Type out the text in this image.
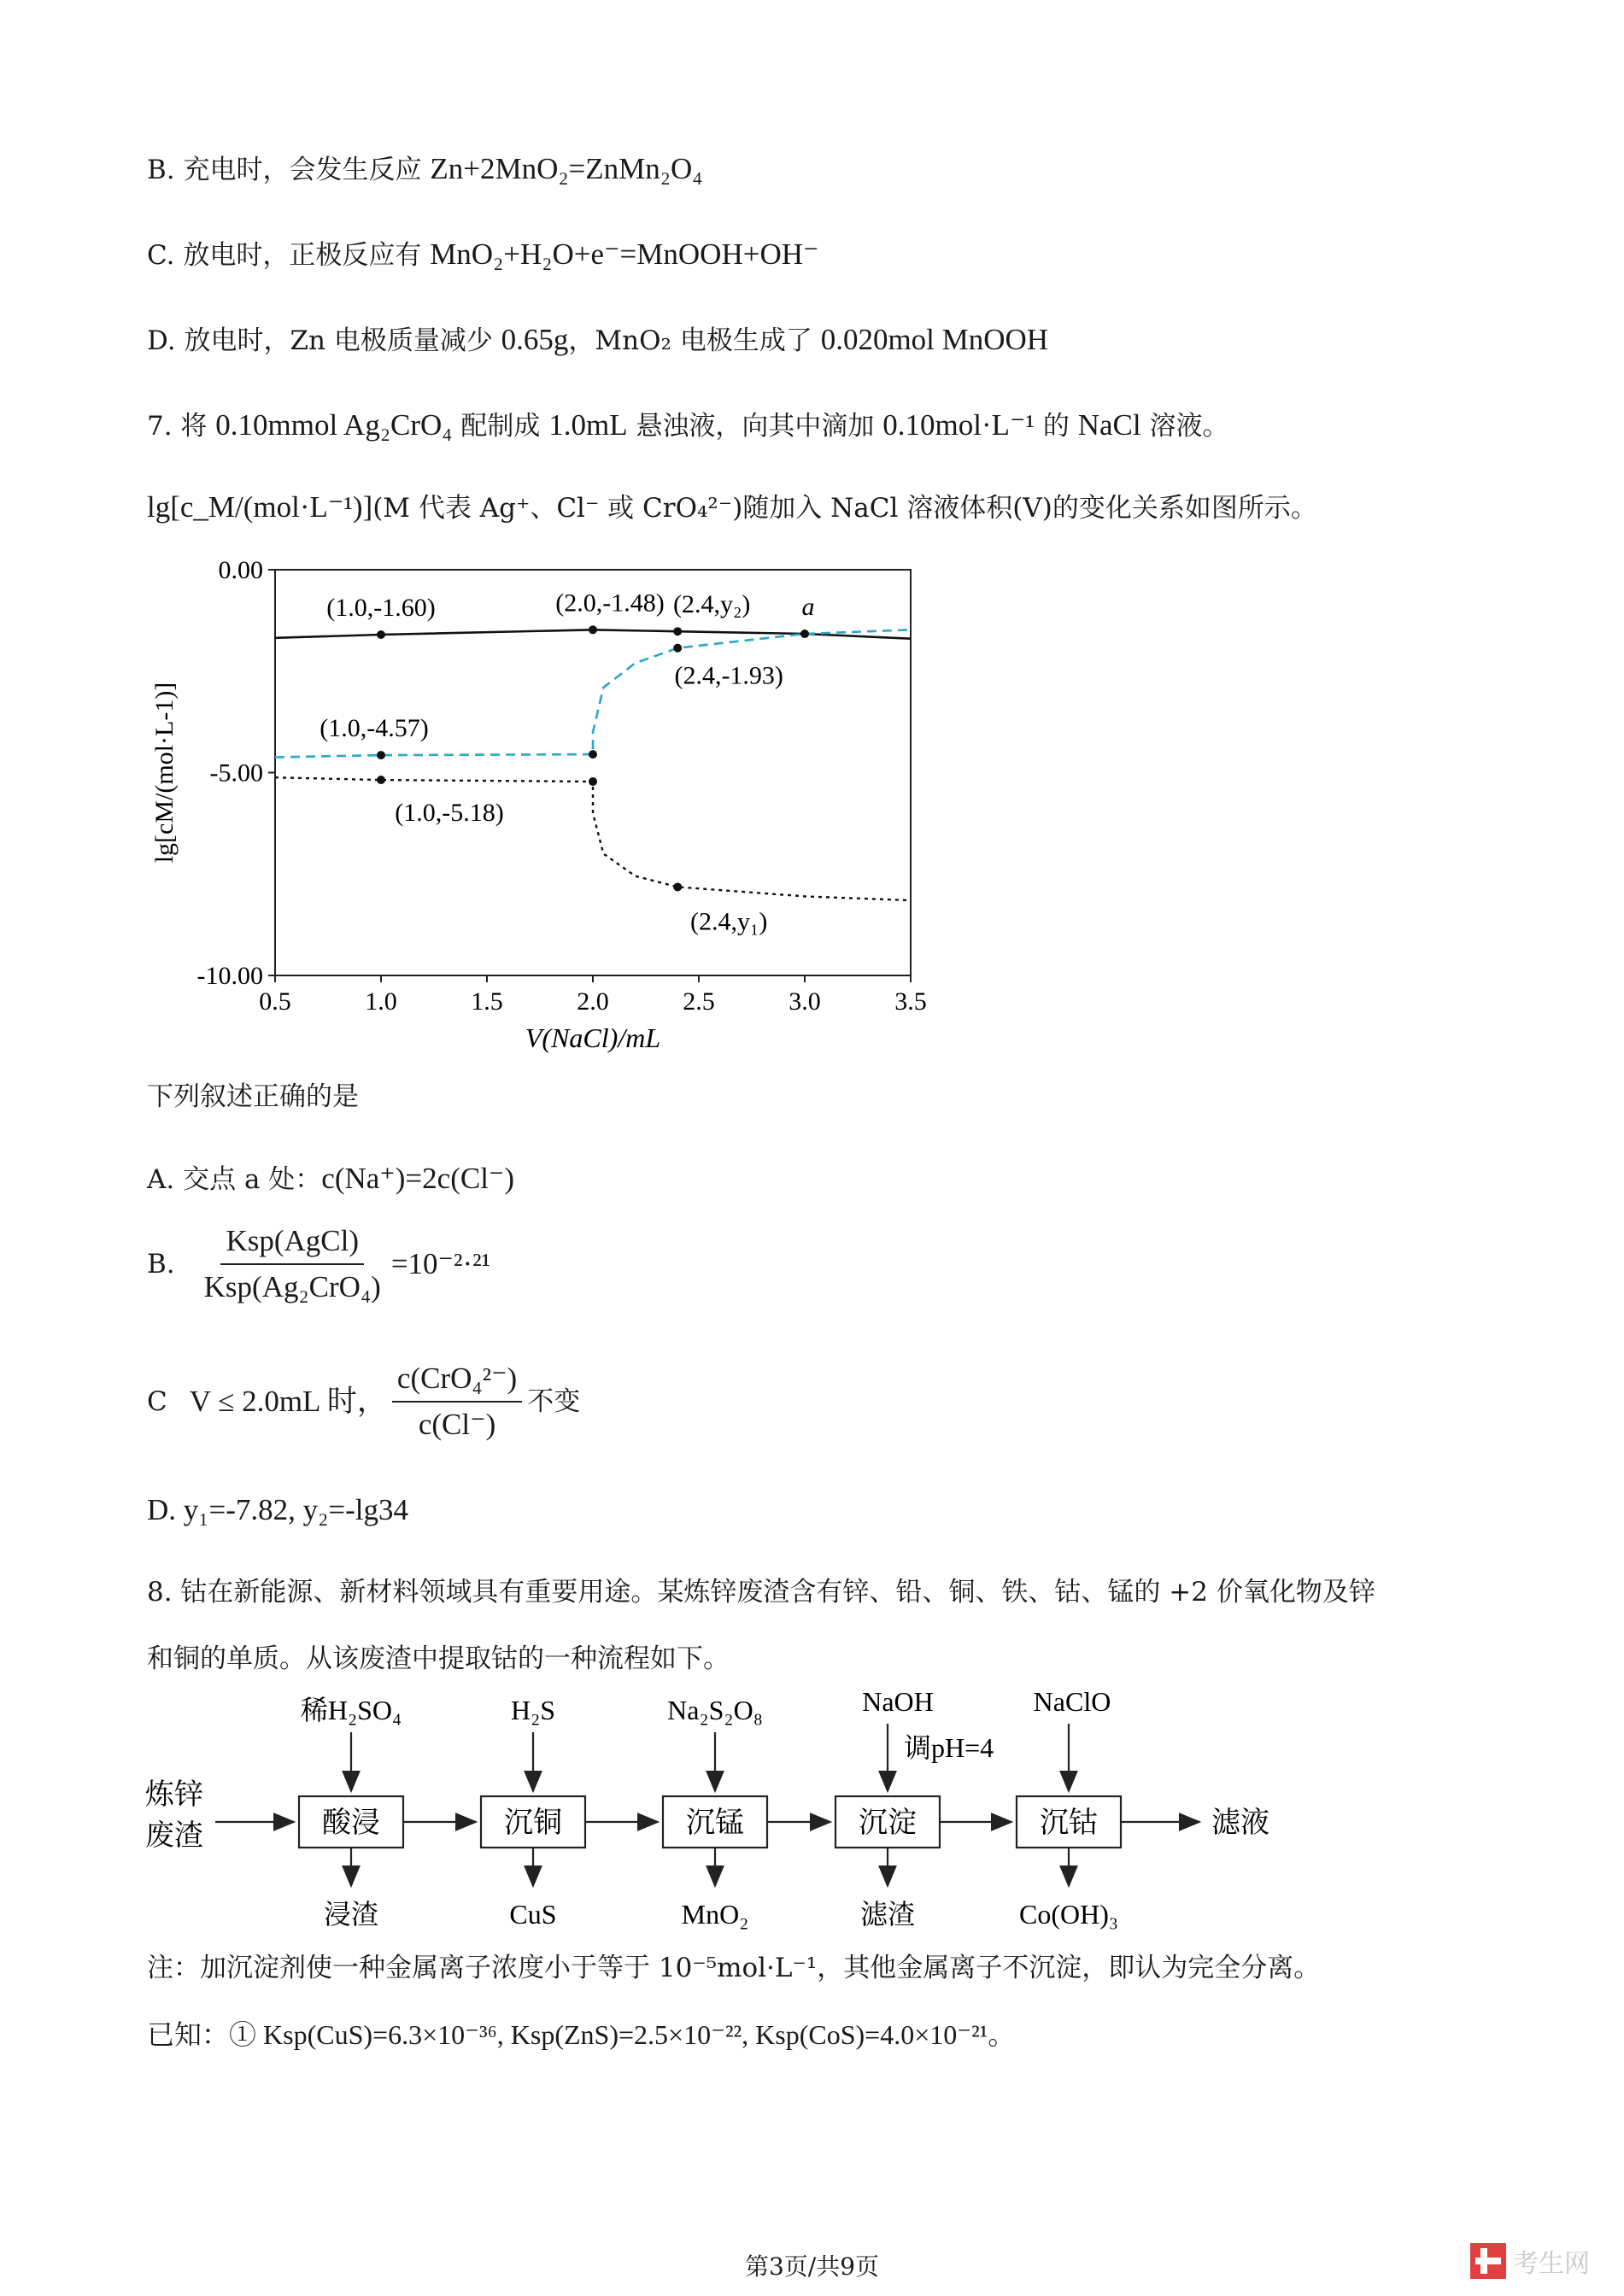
B. 充电时，会发生反应 Zn+2MnO₂=ZnMn₂O₄
C. 放电时，正极反应有 MnO₂+H₂O+e⁻=MnOOH+OH⁻
D. 放电时，Zn 电极质量减少 0.65g，MnO₂ 电极生成了 0.020mol MnOOH
7. 将 0.10mmol Ag₂CrO₄ 配制成 1.0mL 悬浊液，向其中滴加 0.10mol·L⁻¹ 的 NaCl 溶液。
lg[c_M/(mol·L⁻¹)](M 代表 Ag⁺、Cl⁻ 或 CrO₄²⁻)随加入 NaCl 溶液体积(V)的变化关系如图所示。
0.5	1.0	1.5	2.0	2.5	3.0	3.5
0.00
-5.00
-10.00
V(NaCl)/mL
lg[cM/(mol·L-1)]
(1.0,-1.60)	(2.0,-1.48) (2.4,y₂) a
(2.4,-1.93)
(1.0,-4.57)
(1.0,-5.18)
(2.4,y₁)
下列叙述正确的是
A. 交点 a 处：c(Na⁺)=2c(Cl⁻)
B. $\frac{\text{Ksp(AgCl)}}{\text{Ksp(Ag₂CrO₄)}} =10^{-2}\cdot^{21}$
C V ≤ 2.0mL 时， $\frac{\text{c(CrO₄²⁻)}}{c(Cl^-)}$ 不变
D. y₁=-7.82, y₂=-lg34
8. 钴在新能源、新材料领域具有重要用途。某炼锌废渣含有锌、铅、铜、铁、钴、锰的 +2 价氧化物及锌
和铜的单质。从该废渣中提取钴的一种流程如下。
炼锌
废渣	酸浸
稀H₂SO₄
浸渣
沉铜
H₂S
CuS
沉锰
Na₂S₂O₈
MnO₂
沉淀
NaOH
调pH=4
滤渣
沉钴
NaClO
Co(OH)₃
滤液
注：加沉淀剂使一种金属离子浓度小于等于 10⁻⁵mol·L⁻¹，其他金属离子不沉淀，即认为完全分离。
已知：① Ksp(CuS)=6.3×10⁻³⁶, Ksp(ZnS)=2.5×10⁻²², Ksp(CoS)=4.0×10⁻²¹。
第3页/共9页	考生网
